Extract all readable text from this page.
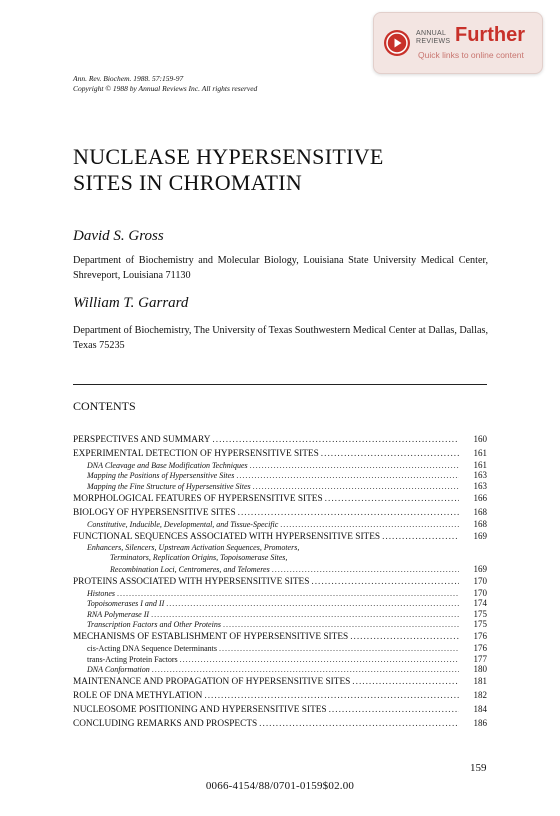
ANNUAL
REVIEWS Further
Quick links to online content
Ann. Rev. Biochem. 1988. 57:159-97
Copyright © 1988 by Annual Reviews Inc. All rights reserved
NUCLEASE HYPERSENSITIVE
SITES IN CHROMATIN
David S. Gross
Department of Biochemistry and Molecular Biology, Louisiana State University Medical Center, Shreveport, Louisiana 71130
William T. Garrard
Department of Biochemistry, The University of Texas Southwestern Medical Center at Dallas, Dallas, Texas 75235
CONTENTS
PERSPECTIVES AND SUMMARY .....	160
EXPERIMENTAL DETECTION OF HYPERSENSITIVE SITES .....	161
DNA Cleavage and Base Modification Techniques .....	161
Mapping the Positions of Hypersensitive Sites .....	163
Mapping the Fine Structure of Hypersensitive Sites .....	163
MORPHOLOGICAL FEATURES OF HYPERSENSITIVE SITES .....	166
BIOLOGY OF HYPERSENSITIVE SITES .....	168
Constitutive, Inducible, Developmental, and Tissue-Specific .....	168
FUNCTIONAL SEQUENCES ASSOCIATED WITH HYPERSENSITIVE SITES .....	169
Enhancers, Silencers, Upstream Activation Sequences, Promoters,
Terminators, Replication Origins, Topoisomerase Sites,
Recombination Loci, Centromeres, and Telomeres .....	169
PROTEINS ASSOCIATED WITH HYPERSENSITIVE SITES .....	170
Histones .....	170
Topoisomerases I and II .....	174
RNA Polymerase II .....	175
Transcription Factors and Other Proteins .....	175
MECHANISMS OF ESTABLISHMENT OF HYPERSENSITIVE SITES .....	176
cis-Acting DNA Sequence Determinants .....	176
trans-Acting Protein Factors .....	177
DNA Conformation .....	180
MAINTENANCE AND PROPAGATION OF HYPERSENSITIVE SITES .....	181
ROLE OF DNA METHYLATION .....	182
NUCLEOSOME POSITIONING AND HYPERSENSITIVE SITES .....	184
CONCLUDING REMARKS AND PROSPECTS .....	186
159
0066-4154/88/0701-0159$02.00
